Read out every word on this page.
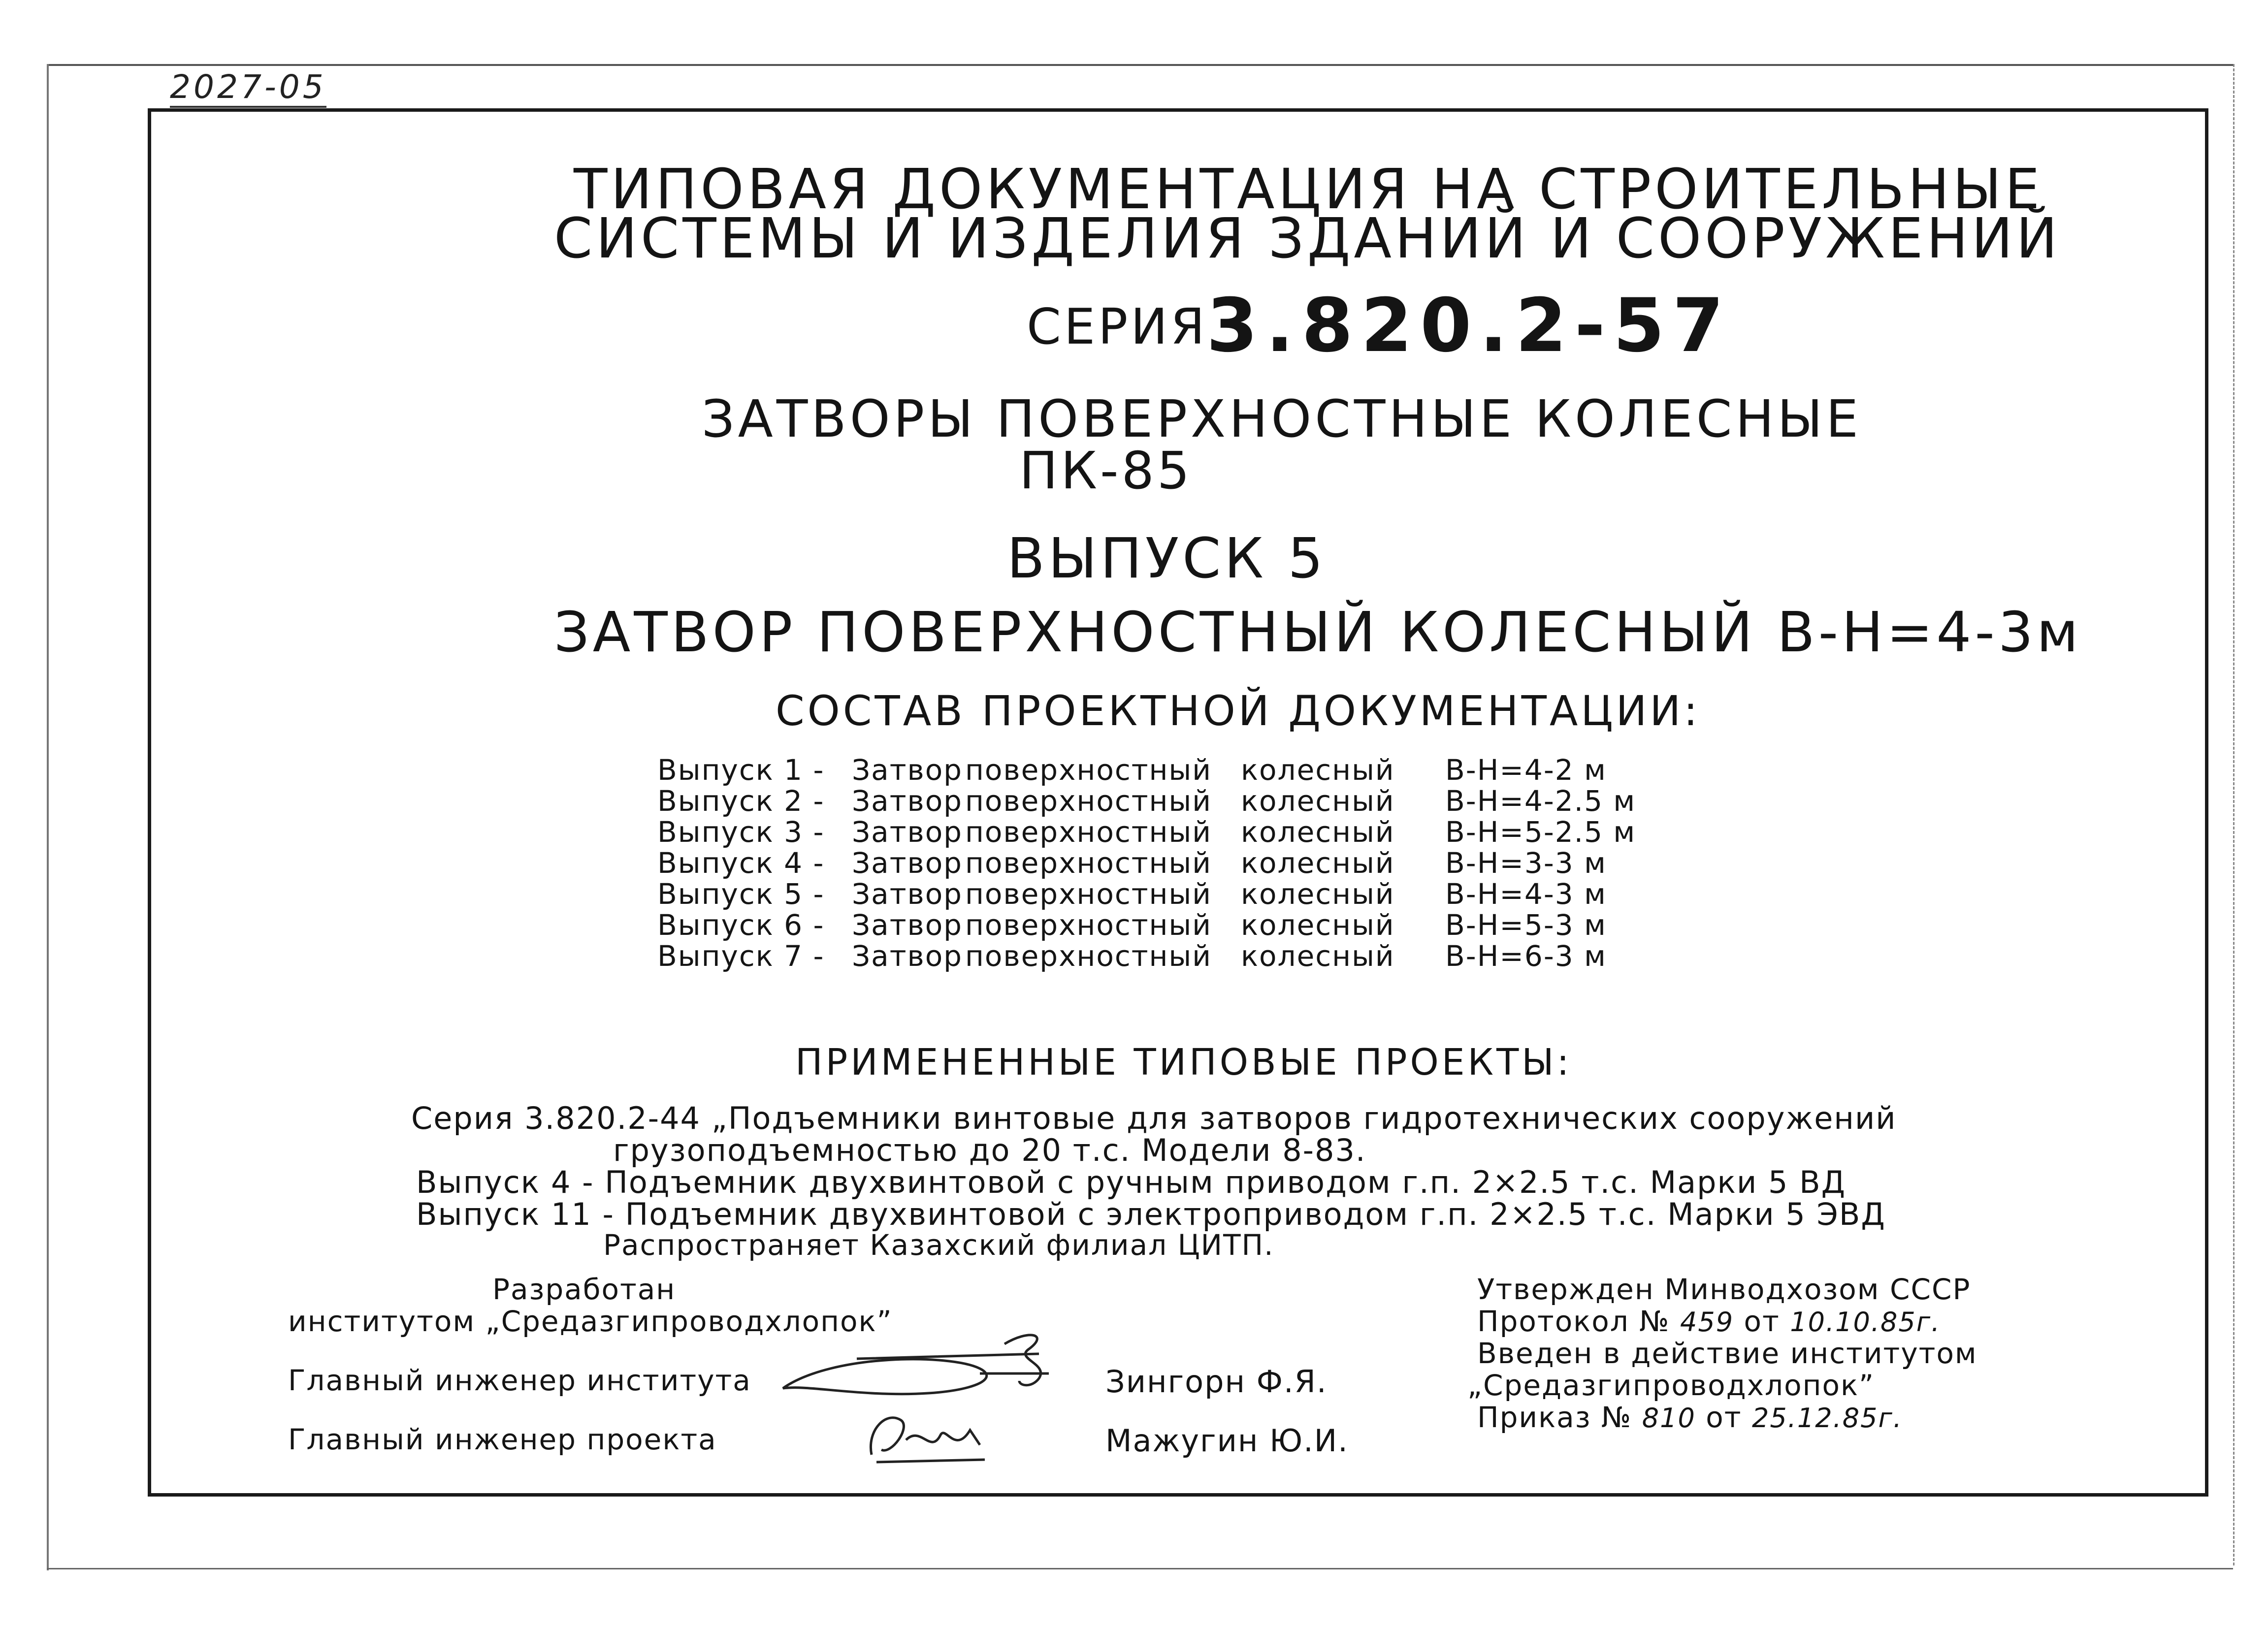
2027-05
ТИПОВАЯ ДОКУМЕНТАЦИЯ НА СТРОИТЕЛЬНЫЕ
СИСТЕМЫ И ИЗДЕЛИЯ ЗДАНИЙ И СООРУЖЕНИЙ
СЕРИЯ
3.820.2-57
ЗАТВОРЫ ПОВЕРХНОСТНЫЕ КОЛЕСНЫЕ
ПК-85
ВЫПУСК 5
ЗАТВОР ПОВЕРХНОСТНЫЙ КОЛЕСНЫЙ В-Н=4-3м
СОСТАВ ПРОЕКТНОЙ ДОКУМЕНТАЦИИ:
Выпуск 1 - Затвор поверхностный колесный В-Н=4-2 м
Выпуск 2 - Затвор поверхностный колесный В-Н=4-2.5 м
Выпуск 3 - Затвор поверхностный колесный В-Н=5-2.5 м
Выпуск 4 - Затвор поверхностный колесный В-Н=3-3 м
Выпуск 5 - Затвор поверхностный колесный В-Н=4-3 м
Выпуск 6 - Затвор поверхностный колесный В-Н=5-3 м
Выпуск 7 - Затвор поверхностный колесный В-Н=6-3 м
ПРИМЕНЕННЫЕ ТИПОВЫЕ ПРОЕКТЫ:
Серия 3.820.2-44 „Подъемники винтовые для затворов гидротехнических сооружений
грузоподъемностью до 20 т.с. Модели 8-83.
Выпуск 4 - Подъемник двухвинтовой с ручным приводом г.п. 2×2.5 т.с. Марки 5 ВД
Выпуск 11 - Подъемник двухвинтовой с электроприводом г.п. 2×2.5 т.с. Марки 5 ЭВД
Распространяет Казахский филиал ЦИТП.
Разработан
институтом „Средазгипроводхлопок”
Главный инженер института
Главный инженер проекта
Зингорн Ф.Я.
Мажугин Ю.И.
Утвержден Минводхозом СССР
Протокол № 459 от 10.10.85г.
Введен в действие институтом
„Средазгипроводхлопок”
Приказ № 810 от 25.12.85г.
